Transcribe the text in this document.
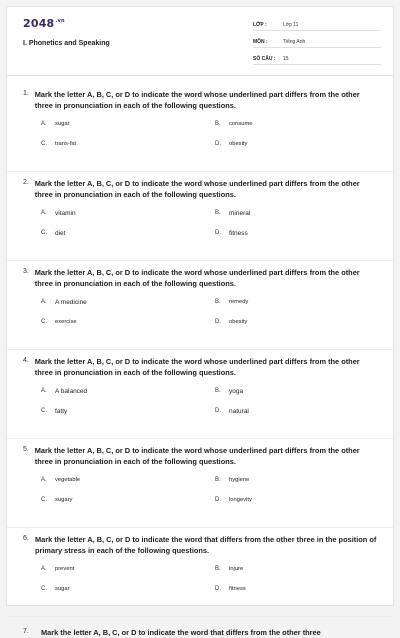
$2048^{.vn}$
I. Phonetics and Speaking
LỚP :	Lớp 11
MÔN :	Tiếng Anh
SỐ CÂU :	15
1. Mark the letter A, B, C, or D to indicate the word whose underlined part differs from the other three in pronunciation in each of the following questions.
A.	sugar	B.	consume
C.	trans-fat	D.	obesity
2. Mark the letter A, B, C, or D to indicate the word whose underlined part differs from the other three in pronunciation in each of the following questions.
A.	vitamin	B.	mineral
C.	diet	D.	fitness
3. Mark the letter A, B, C, or D to indicate the word whose underlined part differs from the other three in pronunciation in each of the following questions.
A.	A medicine	B.	remedy
C.	exercise	D.	obesity
4. Mark the letter A, B, C, or D to indicate the word whose underlined part differs from the other three in pronunciation in each of the following questions.
A.	A balanced	B.	yoga
C.	fatty	D.	natural
5. Mark the letter A, B, C, or D to indicate the word whose underlined part differs from the other three in pronunciation in each of the following questions.
A.	vegetable	B.	hygiene
C.	sugary	D.	longevity
6. Mark the letter A, B, C, or D to indicate the word that differs from the other three in the position of primary stress in each of the following questions.
A.	prevent	B.	injure
C.	sugar	D.	fitness
7.	Mark the letter A, B, C, or D to indicate the word that differs from the other three
